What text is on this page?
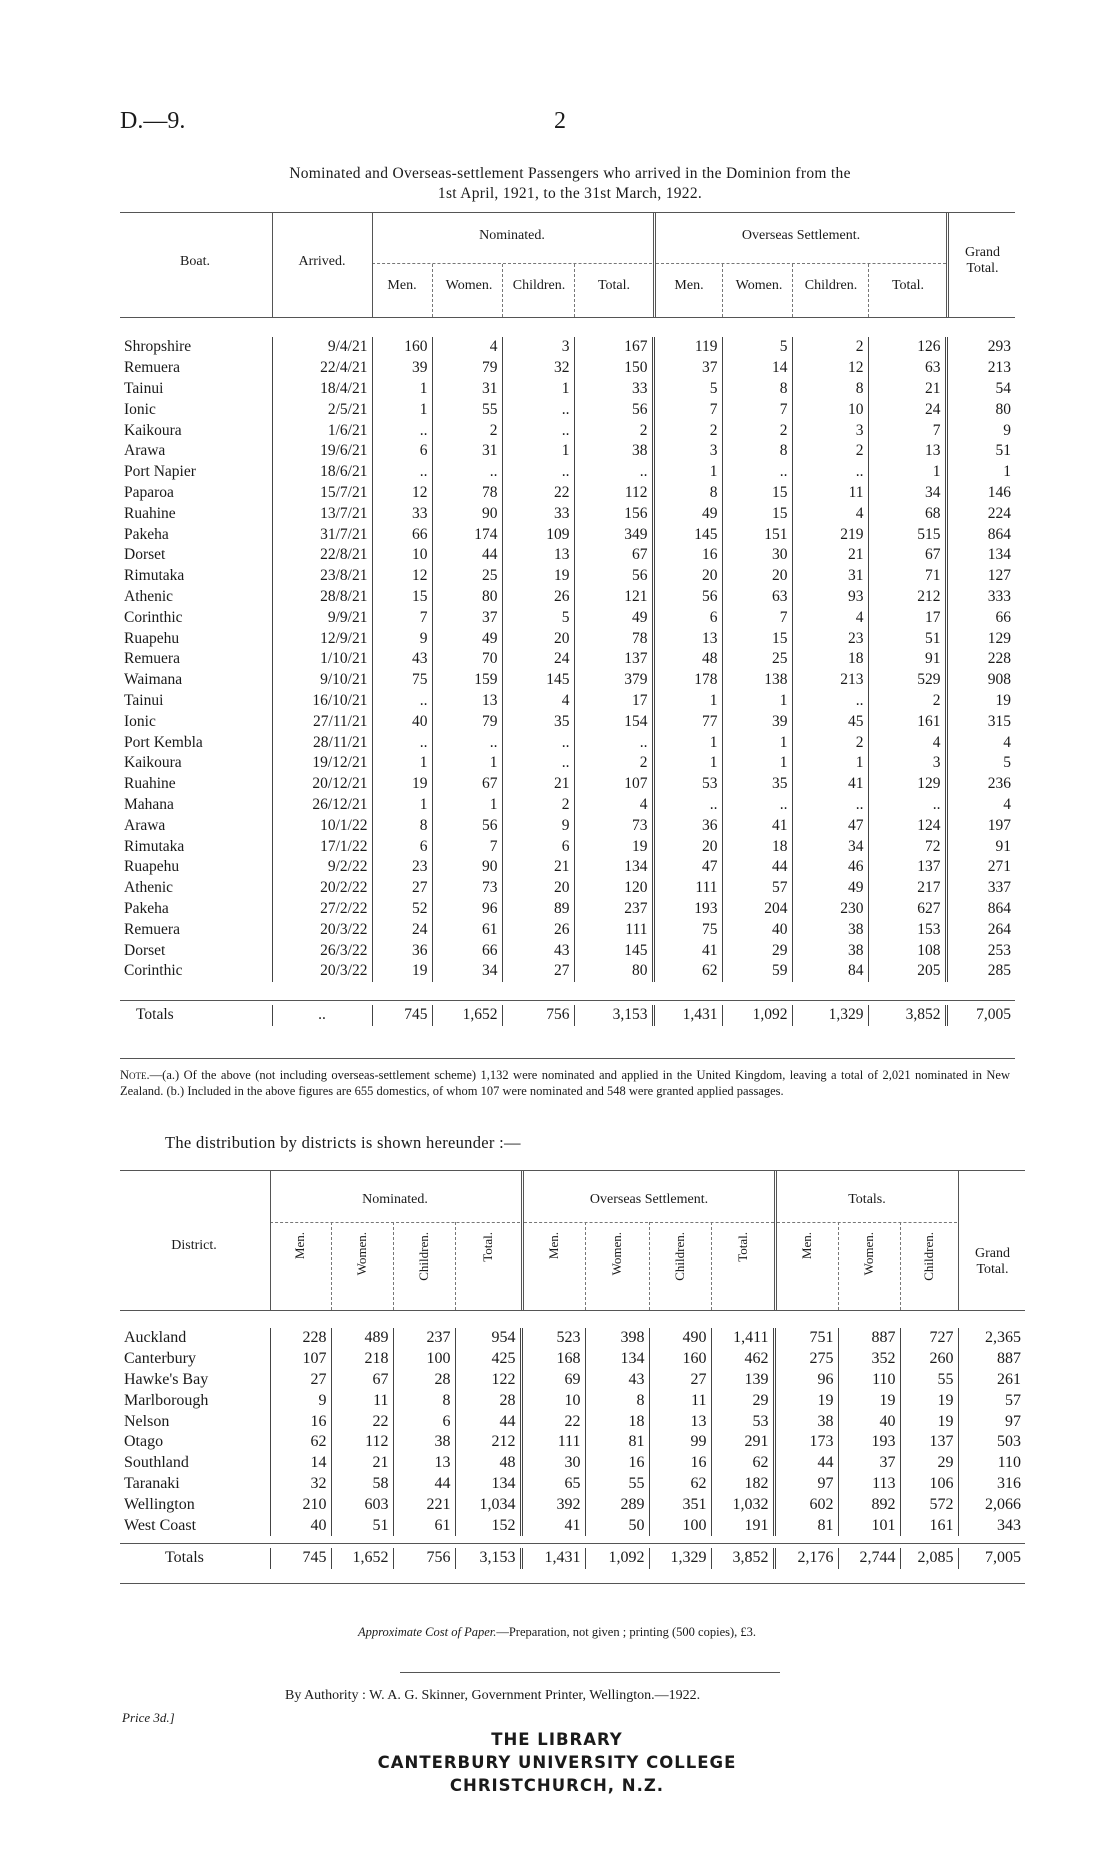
D.—9.	2
Nominated and Overseas-settlement Passengers who arrived in the Dominion from the
1st April, 1921, to the 31st March, 1922.
Boat.	Arrived.
Nominated.	Overseas Settlement.
Grand Total.
Men.	Women.	Children.	Total.	Men.	Women.	Children.	Total.
Shropshire	9/4/21	160	4	3	167	119	5	2	126	293
Remuera	22/4/21	39	79	32	150	37	14	12	63	213
Tainui	18/4/21	1	31	1	33	5	8	8	21	54
Ionic	2/5/21	1	55	..	56	7	7	10	24	80
Kaikoura	1/6/21	..	2	..	2	2	2	3	7	9
Arawa	19/6/21	6	31	1	38	3	8	2	13	51
Port Napier	18/6/21	..	..	..	..	1	..	..	1	1
Paparoa	15/7/21	12	78	22	112	8	15	11	34	146
Ruahine	13/7/21	33	90	33	156	49	15	4	68	224
Pakeha	31/7/21	66	174	109	349	145	151	219	515	864
Dorset	22/8/21	10	44	13	67	16	30	21	67	134
Rimutaka	23/8/21	12	25	19	56	20	20	31	71	127
Athenic	28/8/21	15	80	26	121	56	63	93	212	333
Corinthic	9/9/21	7	37	5	49	6	7	4	17	66
Ruapehu	12/9/21	9	49	20	78	13	15	23	51	129
Remuera	1/10/21	43	70	24	137	48	25	18	91	228
Waimana	9/10/21	75	159	145	379	178	138	213	529	908
Tainui	16/10/21	..	13	4	17	1	1	..	2	19
Ionic	27/11/21	40	79	35	154	77	39	45	161	315
Port Kembla	28/11/21	..	..	..	..	1	1	2	4	4
Kaikoura	19/12/21	1	1	..	2	1	1	1	3	5
Ruahine	20/12/21	19	67	21	107	53	35	41	129	236
Mahana	26/12/21	1	1	2	4	..	..	..	..	4
Arawa	10/1/22	8	56	9	73	36	41	47	124	197
Rimutaka	17/1/22	6	7	6	19	20	18	34	72	91
Ruapehu	9/2/22	23	90	21	134	47	44	46	137	271
Athenic	20/2/22	27	73	20	120	111	57	49	217	337
Pakeha	27/2/22	52	96	89	237	193	204	230	627	864
Remuera	20/3/22	24	61	26	111	75	40	38	153	264
Dorset	26/3/22	36	66	43	145	41	29	38	108	253
Corinthic	20/3/22	19	34	27	80	62	59	84	205	285
Totals	..	745	1,652	756	3,153	1,431	1,092	1,329	3,852	7,005
Note.—(a.) Of the above (not including overseas-settlement scheme) 1,132 were nominated and applied in the United Kingdom, leaving a total of 2,021 nominated in New Zealand. (b.) Included in the above figures are 655 domestics, of whom 107 were nominated and 548 were granted applied passages.
The distribution by districts is shown hereunder :—
District.
Nominated.	Overseas Settlement.	Totals.
Grand Total.
Men.	Women.	Children.	Total.	Men.	Women.	Children.	Total.	Men.	Women.	Children.
Auckland	228	489	237	954	523	398	490	1,411	751	887	727	2,365
Canterbury	107	218	100	425	168	134	160	462	275	352	260	887
Hawke's Bay	27	67	28	122	69	43	27	139	96	110	55	261
Marlborough	9	11	8	28	10	8	11	29	19	19	19	57
Nelson	16	22	6	44	22	18	13	53	38	40	19	97
Otago	62	112	38	212	111	81	99	291	173	193	137	503
Southland	14	21	13	48	30	16	16	62	44	37	29	110
Taranaki	32	58	44	134	65	55	62	182	97	113	106	316
Wellington	210	603	221	1,034	392	289	351	1,032	602	892	572	2,066
West Coast	40	51	61	152	41	50	100	191	81	101	161	343
Totals	745	1,652	756	3,153	1,431	1,092	1,329	3,852	2,176	2,744	2,085	7,005
Approximate Cost of Paper.—Preparation, not given ; printing (500 copies), £3.
By Authority : W. A. G. Skinner, Government Printer, Wellington.—1922.
Price 3d.]
THE LIBRARY
CANTERBURY UNIVERSITY COLLEGE
CHRISTCHURCH, N.Z.
